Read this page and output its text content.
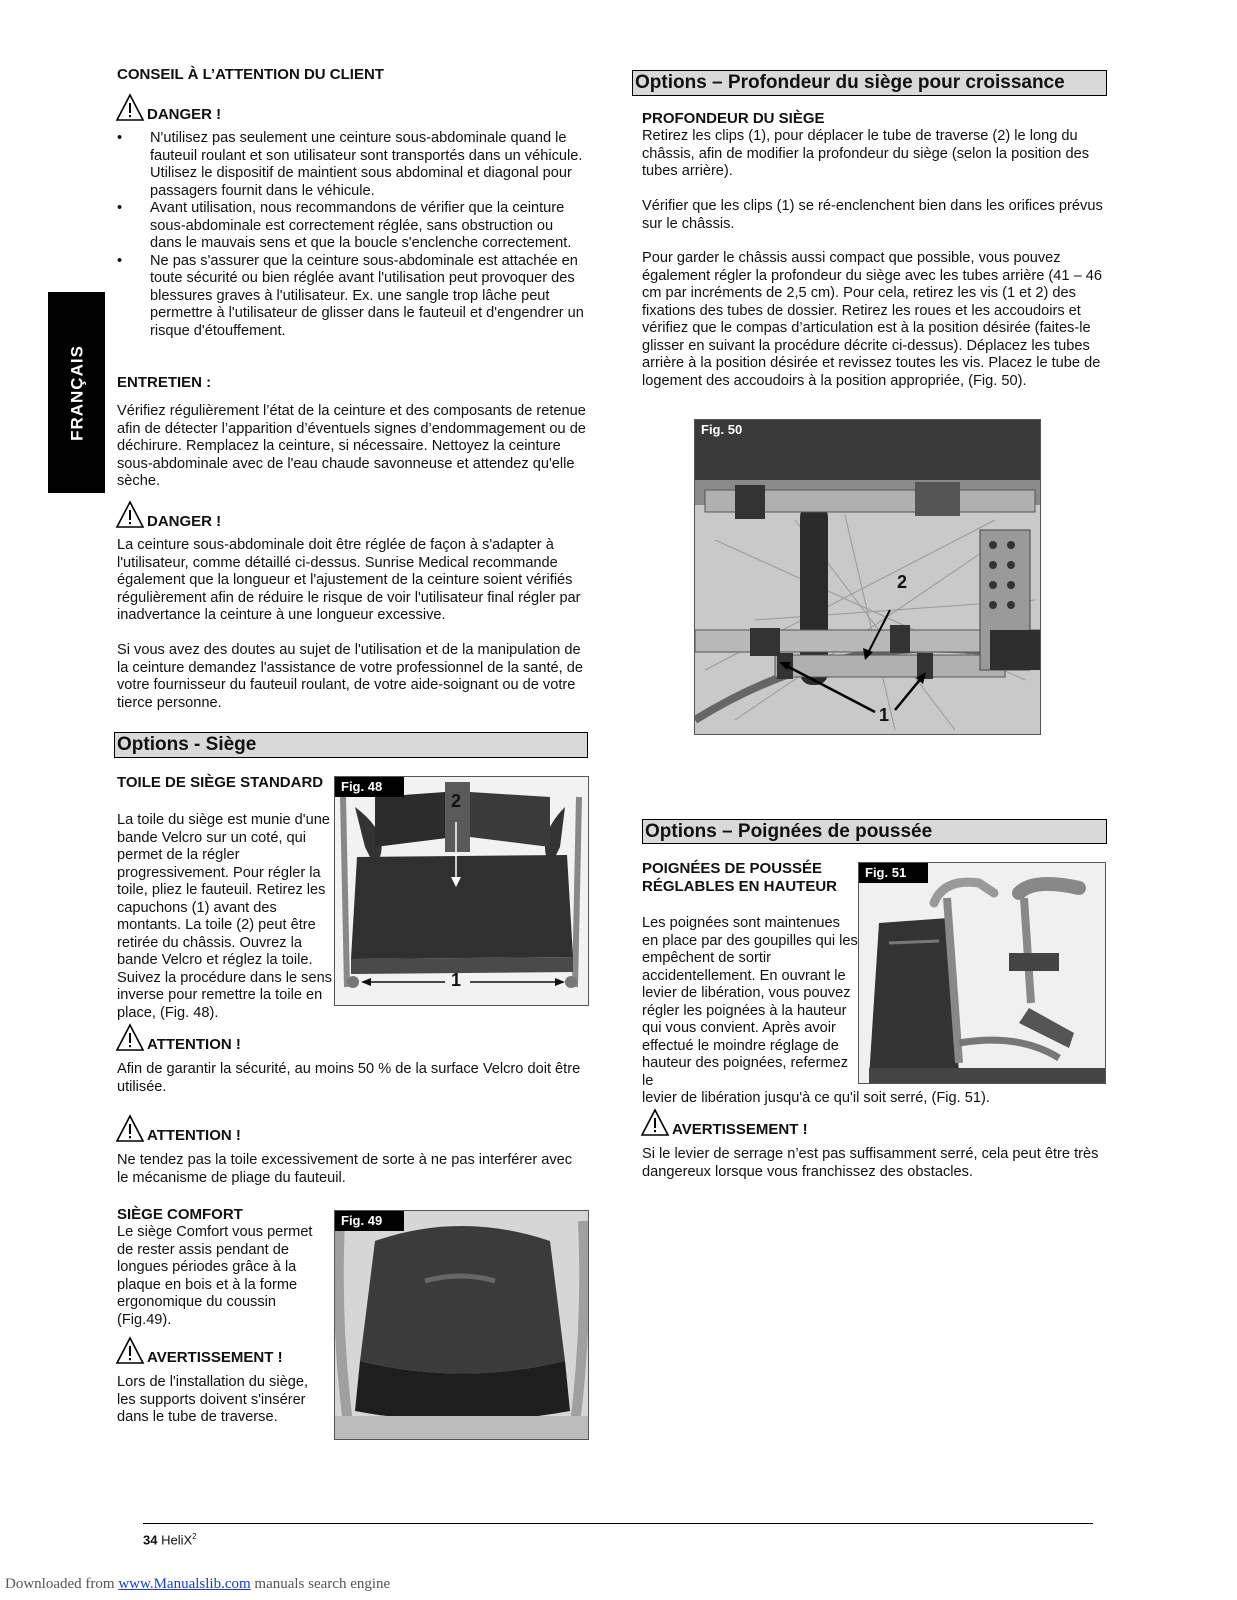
FRANÇAIS
CONSEIL À L’ATTENTION DU CLIENT
DANGER !
• N'utilisez pas seulement une ceinture sous-abdominale quand le fauteuil roulant et son utilisateur sont transportés dans un véhicule. Utilisez le dispositif de maintient sous abdominal et diagonal pour passagers fournit dans le véhicule.
• Avant utilisation, nous recommandons de vérifier que la ceinture sous-abdominale est correctement réglée, sans obstruction ou dans le mauvais sens et que la boucle s'enclenche correctement.
• Ne pas s'assurer que la ceinture sous-abdominale est attachée en toute sécurité ou bien réglée avant l'utilisation peut provoquer des blessures graves à l'utilisateur. Ex. une sangle trop lâche peut permettre à l'utilisateur de glisser dans le fauteuil et d'engendrer un risque d'étouffement.
ENTRETIEN :

Vérifiez régulièrement l’état de la ceinture et des composants de retenue afin de détecter l’apparition d’éventuels signes d’endommagement ou de déchirure. Remplacez la ceinture, si nécessaire. Nettoyez la ceinture sous-abdominale avec de l'eau chaude savonneuse et attendez qu'elle sèche.

DANGER !

La ceinture sous-abdominale doit être réglée de façon à s'adapter à l'utilisateur, comme détaillé ci-dessus. Sunrise Medical recommande également que la longueur et l'ajustement de la ceinture soient vérifiés régulièrement afin de réduire le risque de voir l'utilisateur final régler par inadvertance la ceinture à une longueur excessive.

Si vous avez des doutes au sujet de l'utilisation et de la manipulation de la ceinture demandez l'assistance de votre professionnel de la santé, de votre fournisseur du fauteuil roulant, de votre aide-soignant ou de votre tierce personne.

Options - Siège
TOILE DE SIÈGE STANDARD

La toile du siège est munie d'une bande Velcro sur un coté, qui permet de la régler progressivement. Pour régler la toile, pliez le fauteuil. Retirez les capuchons (1) avant des montants. La toile (2) peut être retirée du châssis. Ouvrez la bande Velcro et réglez la toile. Suivez la procédure dans le sens inverse pour remettre la toile en place, (Fig. 48).

Fig. 48
2
1
ATTENTION !

Afin de garantir la sécurité, au moins 50 % de la surface Velcro doit être utilisée.

ATTENTION !

Ne tendez pas la toile excessivement de sorte à ne pas interférer avec le mécanisme de pliage du fauteuil.

SIÈGE COMFORT

Le siège Comfort vous permet de rester assis pendant de longues périodes grâce à la plaque en bois et à la forme ergonomique du coussin (Fig.49).

AVERTISSEMENT !

Lors de l'installation du siège, les supports doivent s'insérer dans le tube de traverse.

Fig. 49
Options – Profondeur du siège pour croissance
PROFONDEUR DU SIÈGE

Retirez les clips (1), pour déplacer le tube de traverse (2) le long du châssis, afin de modifier la profondeur du siège (selon la position des tubes arrière).

Vérifier que les clips (1) se ré-enclenchent bien dans les orifices prévus sur le châssis.

Pour garder le châssis aussi compact que possible, vous pouvez également régler la profondeur du siège avec les tubes arrière (41 – 46 cm par incréments de 2,5 cm). Pour cela, retirez les vis (1 et 2) des fixations des tubes de dossier. Retirez les roues et les accoudoirs et vérifiez que le compas d’articulation est à la position désirée (faites-le glisser en suivant la procédure décrite ci-dessus). Déplacez les tubes arrière à la position désirée et revissez toutes les vis. Placez le tube de logement des accoudoirs à la position appropriée, (Fig. 50).

Fig. 50
2
1
Options – Poignées de poussée
POIGNÉES DE POUSSÉE RÉGLABLES EN HAUTEUR

Les poignées sont maintenues en place par des goupilles qui les empêchent de sortir accidentellement. En ouvrant le levier de libération, vous pouvez régler les poignées à la hauteur qui vous convient. Après avoir effectué le moindre réglage de hauteur des poignées, refermez le

levier de libération jusqu'à ce qu'il soit serré, (Fig. 51).

Fig. 51
AVERTISSEMENT !

Si le levier de serrage n’est pas suffisamment serré, cela peut être très dangereux lorsque vous franchissez des obstacles.

34 HeliX$^2$
Downloaded from www.Manualslib.com manuals search engine
